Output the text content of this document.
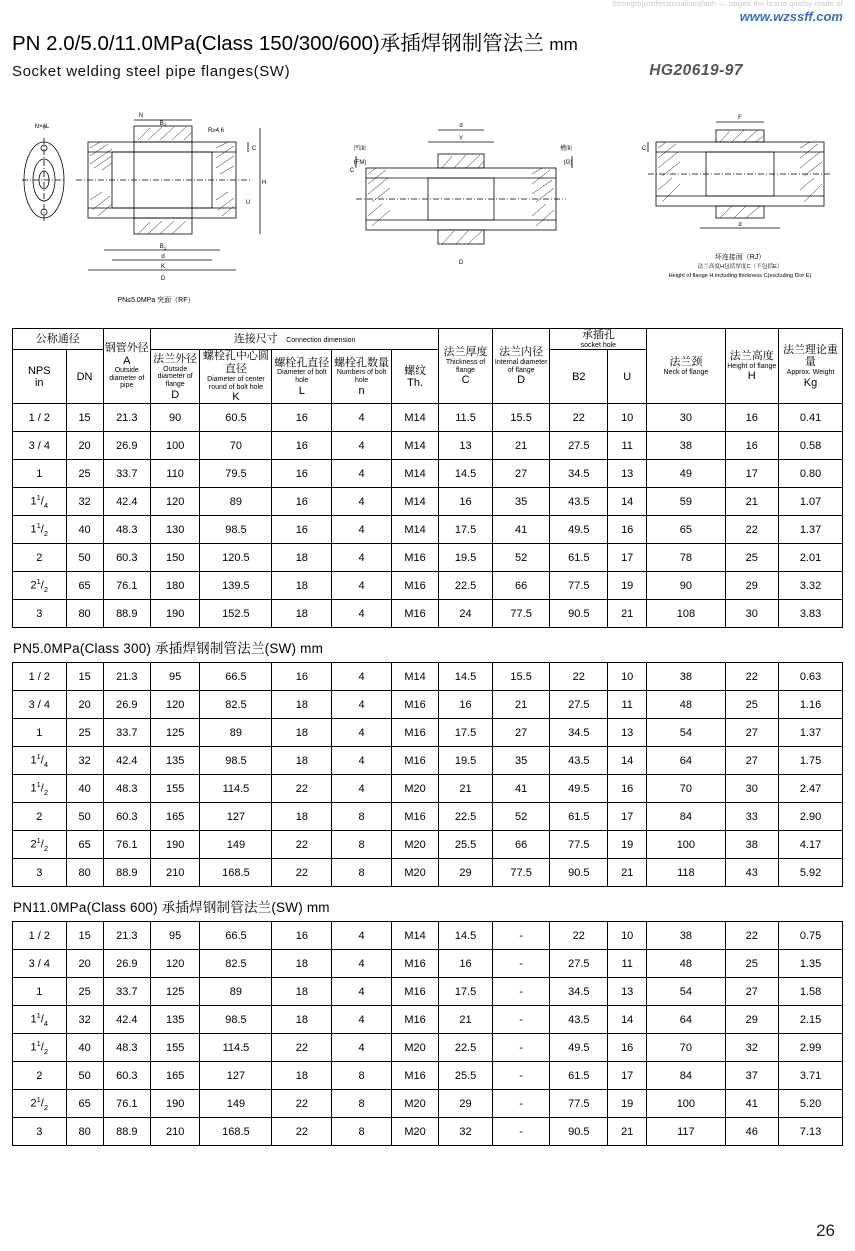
Strength|professionalism|faith — forged the brand quality made of
www.wzssff.com
PN 2.0/5.0/11.0MPa(Class 150/300/600)承插焊钢制管法兰 mm
Socket welding steel pipe flanges(SW)	HG20619-97
N
$B_2$
R≥4.6
N×ϕL
C
H
$B_1$
d
K
D
U
PN≤5.0MPa 突面（RF）
d
Y
凹面
(FM)
槽面
(G)
C
D
F
d
C
环连接面（RJ）
法兰高度H包括厚度C（不包括E）
Height of flange H including thickness C(excluding f2or E)
公称通径	
钢管外径
A
Outside diameter of pipe
	连接尺寸 Connection dimension	
法兰厚度
Thickness of flange
C

法兰内径
Internal diameter of flange
D

承插孔
socket hole

法兰颈
Neck of flange

法兰高度
Height of flange
H

法兰理论重量
Approx. Weight
Kg

法兰外径
Outside diameter of flange
D

螺栓孔中心圆直径
Diameter of center round of bolt hole
K

螺栓孔直径
Diameter of bolt hole
L

螺栓孔数量
Numbers of bolt hole
n

螺纹
Th.
	B2	U

NPS
in	DN													

1 / 2	15	21.3	90	60.5	16	4	M14	11.5	15.5	22	10	30	16	0.41
3 / 4	20	26.9	100	70	16	4	M14	13	21	27.5	11	38	16	0.58
1	25	33.7	110	79.5	16	4	M14	14.5	27	34.5	13	49	17	0.80
$1^1/_4$	32	42.4	120	89	16	4	M14	16	35	43.5	14	59	21	1.07
$1^1/_2$	40	48.3	130	98.5	16	4	M14	17.5	41	49.5	16	65	22	1.37
2	50	60.3	150	120.5	18	4	M16	19.5	52	61.5	17	78	25	2.01
$2^1/_2$	65	76.1	180	139.5	18	4	M16	22.5	66	77.5	19	90	29	3.32
3	80	88.9	190	152.5	18	4	M16	24	77.5	90.5	21	108	30	3.83
PN5.0MPa(Class 300) 承插焊钢制管法兰(SW) mm
1 / 2	15	21.3	95	66.5	16	4	M14	14.5	15.5	22	10	38	22	0.63
3 / 4	20	26.9	120	82.5	18	4	M16	16	21	27.5	11	48	25	1.16
1	25	33.7	125	89	18	4	M16	17.5	27	34.5	13	54	27	1.37
$1^1/_4$	32	42.4	135	98.5	18	4	M16	19.5	35	43.5	14	64	27	1.75
$1^1/_2$	40	48.3	155	114.5	22	4	M20	21	41	49.5	16	70	30	2.47
2	50	60.3	165	127	18	8	M16	22.5	52	61.5	17	84	33	2.90
$2^1/_2$	65	76.1	190	149	22	8	M20	25.5	66	77.5	19	100	38	4.17
3	80	88.9	210	168.5	22	8	M20	29	77.5	90.5	21	118	43	5.92
PN11.0MPa(Class 600) 承插焊钢制管法兰(SW) mm
1 / 2	15	21.3	95	66.5	16	4	M14	14.5	-	22	10	38	22	0.75
3 / 4	20	26.9	120	82.5	18	4	M16	16	-	27.5	11	48	25	1.35
1	25	33.7	125	89	18	4	M16	17.5	-	34.5	13	54	27	1.58
$1^1/_4$	32	42.4	135	98.5	18	4	M16	21	-	43.5	14	64	29	2.15
$1^1/_2$	40	48.3	155	114.5	22	4	M20	22.5	-	49.5	16	70	32	2.99
2	50	60.3	165	127	18	8	M16	25.5	-	61.5	17	84	37	3.71
$2^1/_2$	65	76.1	190	149	22	8	M20	29	-	77.5	19	100	41	5.20
3	80	88.9	210	168.5	22	8	M20	32	-	90.5	21	117	46	7.13
26
